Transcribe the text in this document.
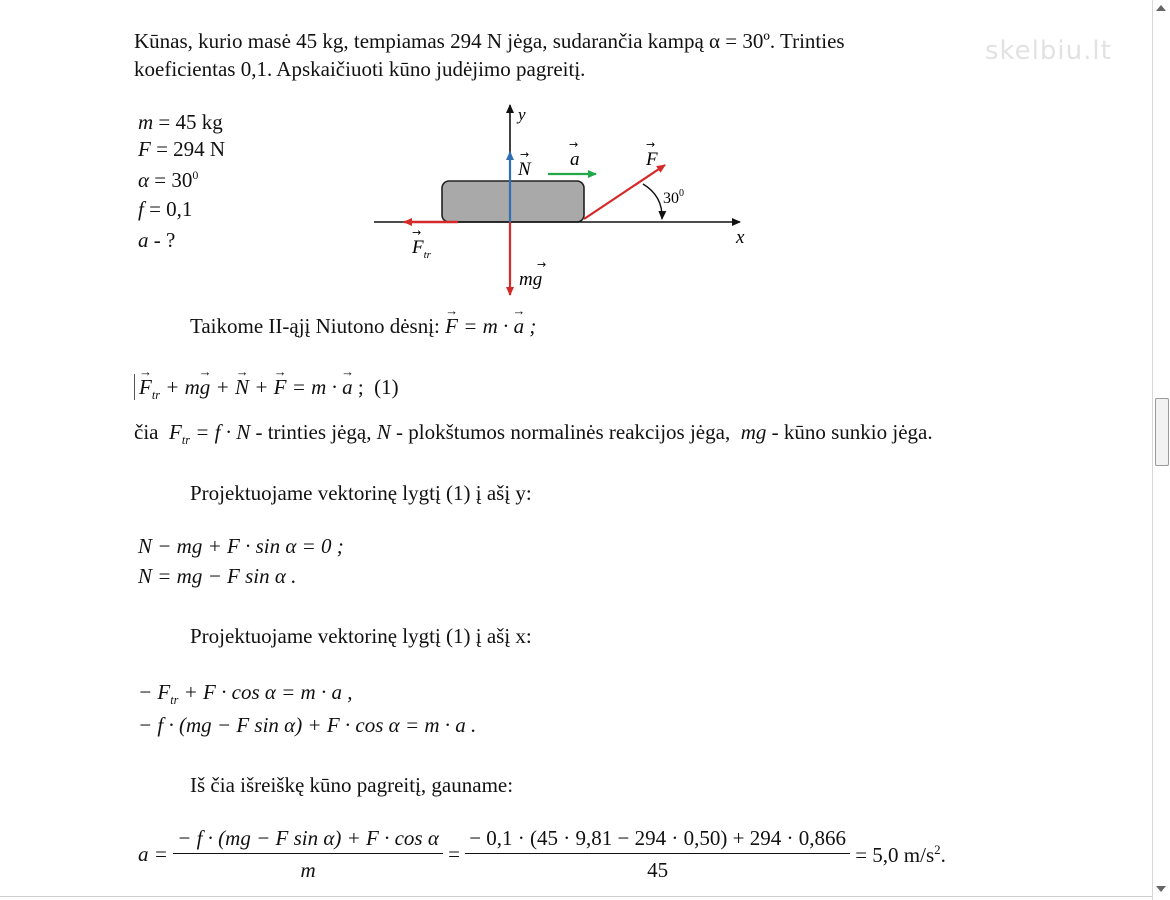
skelbiu.lt
Kūnas, kurio masė 45 kg, tempiamas 294 N jėga, sudarančia kampą α = 30º. Trinties
koeficientas 0,1. Apskaičiuoti kūno judėjimo pagreitį.
m = 45 kg
F = 294 N
$\alpha = 30^0$
f = 0,1
a - ?
y
x
N
→ a
→
F
→
$30^0$
$F_{tr}$
→
mg
→
Taikome II-ąjį Niutono dėsnį: → F = m · → a ;
→ $F_{tr} + m\to g$ + → N + → F = m · → a ;  (1)
čia $F_{tr} = f \cdot N$ - trinties jėgą, N - plokštumos normalinės reakcijos jėga, mg - kūno sunkio jėga.
Projektuojame vektorinę lygtį (1) į ašį y:
N − mg + F · sin α = 0 ;
N = mg − F sin α .
Projektuojame vektorinę lygtį (1) į ašį x:
− $F_{tr} + F \cdot \cos \alpha = m \cdot a$ ,
− f · (mg − F sin α) + F · cos α = m · a .
Iš čia išreiškę kūno pagreitį, gauname:
$a = \frac{\text{− f · (mg − F sin α) + F · cos α}}{m} = \frac{- 0,1 \cdot (45 \cdot 9,81 - 294 \cdot 0,50) + 294 \cdot 0,866}{45} = 5,0$ $m/s^2$.
